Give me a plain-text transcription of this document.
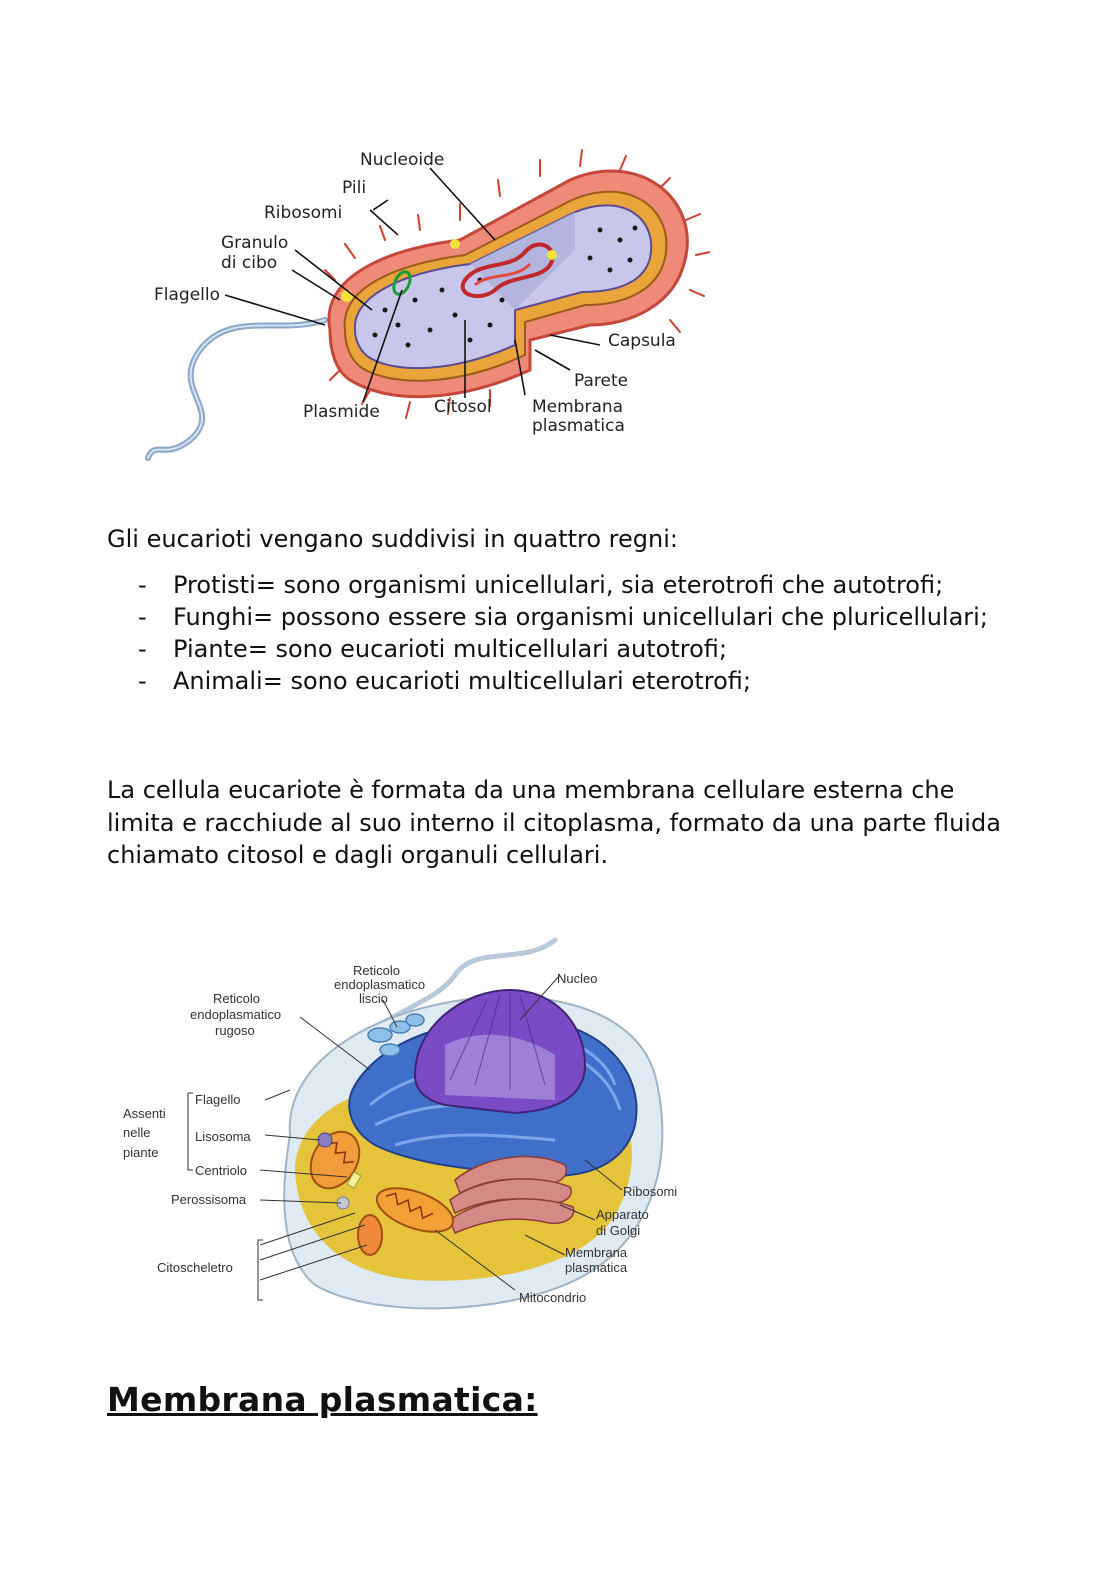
Nucleoide
Pili
Ribosomi
Granulo
di cibo
Flagello
Capsula
Parete
Plasmide	Citosol Membrana
plasmatica

Gli eucarioti vengano suddivisi in quattro regni:

- Protisti= sono organismi unicellulari, sia eterotrofi che autotrofi;
- Funghi= possono essere sia organismi unicellulari che pluricellulari;
- Piante= sono eucarioti multicellulari autotrofi;
- Animali= sono eucarioti multicellulari eterotrofi;

La cellula eucariote è formata da una membrana cellulare esterna che limita e racchiude al suo interno il citoplasma, formato da una parte fluida chiamato citosol e dagli organuli cellulari.

Reticolo
endoplasmatico
liscio
Reticolo
endoplasmatico
rugoso
Nucleo
Assenti
nelle
piante
Flagello
Lisosoma
Centriolo
Perossisoma
Citoscheletro
Ribosomi
Apparato
di Golgi
Membrana
plasmatica
Mitocondrio
Membrana plasmatica:
